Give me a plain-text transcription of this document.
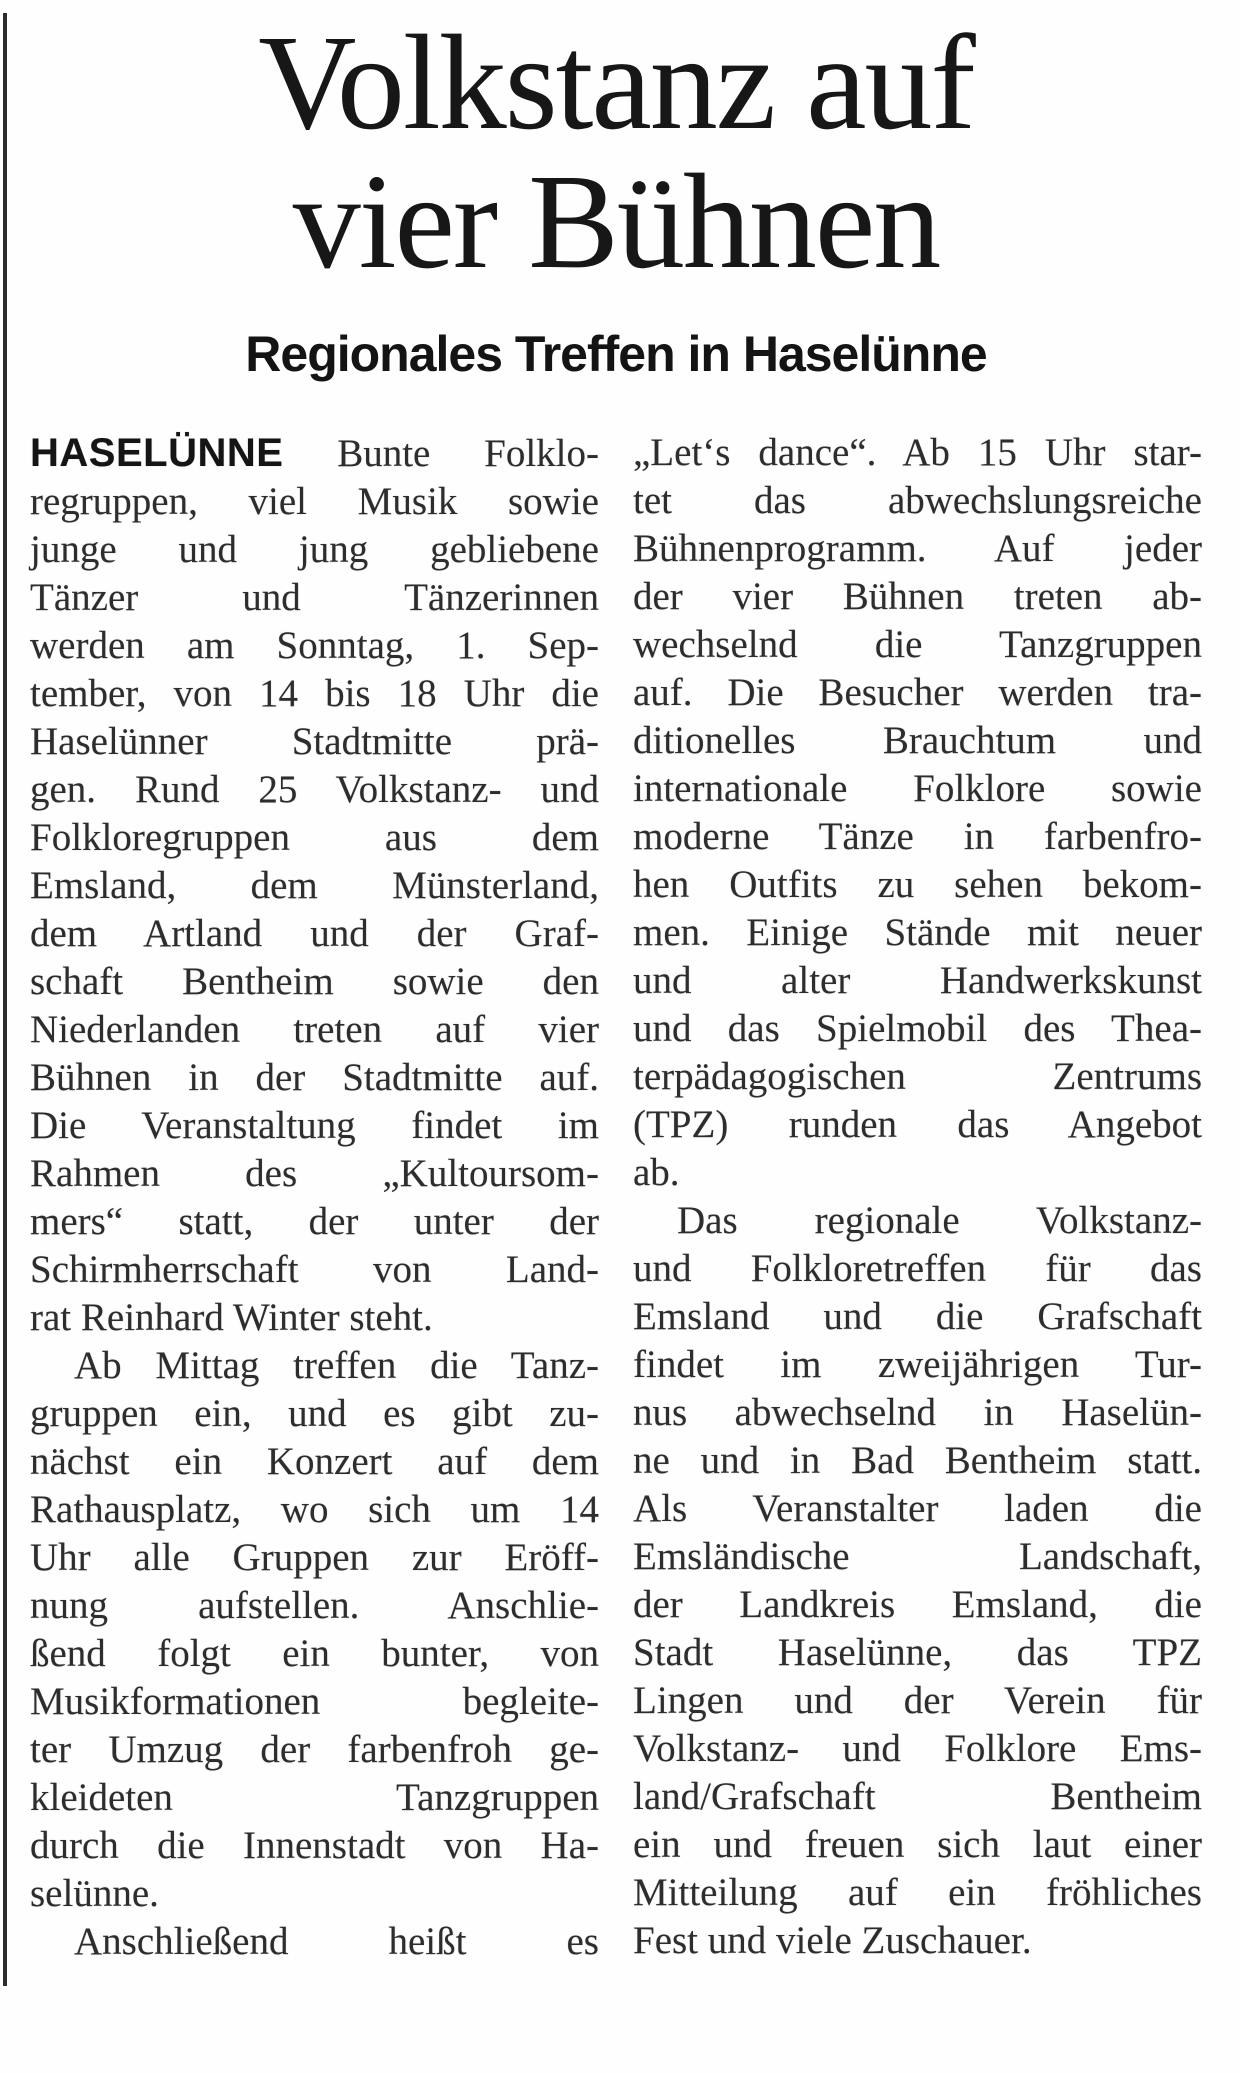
Volkstanz auf
vier Bühnen
Regionales Treffen in Haselünne
HASELÜNNE Bunte Folklo-
regruppen, viel Musik sowie
junge und jung gebliebene
Tänzer und Tänzerinnen
werden am Sonntag, 1. Sep-
tember, von 14 bis 18 Uhr die
Haselünner Stadtmitte prä-
gen. Rund 25 Volkstanz- und
Folkloregruppen aus dem
Emsland, dem Münsterland,
dem Artland und der Graf-
schaft Bentheim sowie den
Niederlanden treten auf vier
Bühnen in der Stadtmitte auf.
Die Veranstaltung findet im
Rahmen des „Kultoursom-
mers“ statt, der unter der
Schirmherrschaft von Land-
rat Reinhard Winter steht.
Ab Mittag treffen die Tanz-
gruppen ein, und es gibt zu-
nächst ein Konzert auf dem
Rathausplatz, wo sich um 14
Uhr alle Gruppen zur Eröff-
nung aufstellen. Anschlie-
ßend folgt ein bunter, von
Musikformationen begleite-
ter Umzug der farbenfroh ge-
kleideten Tanzgruppen
durch die Innenstadt von Ha-
selünne.
Anschließend heißt es
„Let‘s dance“. Ab 15 Uhr star-
tet das abwechslungsreiche
Bühnenprogramm. Auf jeder
der vier Bühnen treten ab-
wechselnd die Tanzgruppen
auf. Die Besucher werden tra-
ditionelles Brauchtum und
internationale Folklore sowie
moderne Tänze in farbenfro-
hen Outfits zu sehen bekom-
men. Einige Stände mit neuer
und alter Handwerkskunst
und das Spielmobil des Thea-
terpädagogischen Zentrums
(TPZ) runden das Angebot
ab.
Das regionale Volkstanz-
und Folkloretreffen für das
Emsland und die Grafschaft
findet im zweijährigen Tur-
nus abwechselnd in Haselün-
ne und in Bad Bentheim statt.
Als Veranstalter laden die
Emsländische Landschaft,
der Landkreis Emsland, die
Stadt Haselünne, das TPZ
Lingen und der Verein für
Volkstanz- und Folklore Ems-
land/Grafschaft Bentheim
ein und freuen sich laut einer
Mitteilung auf ein fröhliches
Fest und viele Zuschauer.
